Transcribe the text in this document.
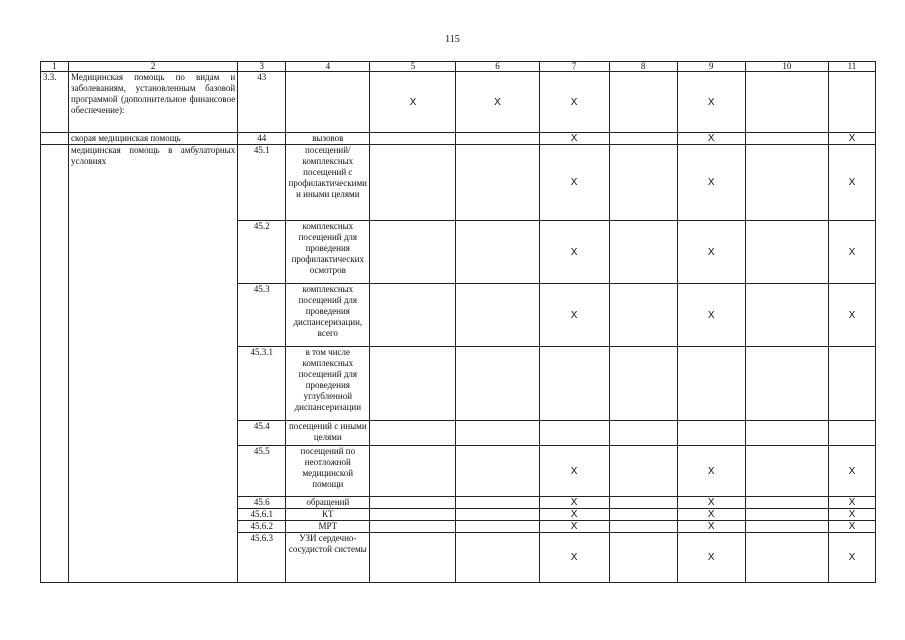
115
1	2	3	4	5	6	7	8	9	10	11
3.3.	Медицинская помощь по видам и заболеваниям, установленным базовой программой (дополнительное финансовое обеспечение):	43		X	X	X		X		
	скорая медицинская помощь	44	вызовов			X		X		X
	медицинская помощь в амбулаторных условиях	45.1	посещений/комплексных посещений с профилактическими и иными целями			X		X		X
		45.2	комплексных посещений для проведения профилактических осмотров			X		X		X
		45.3	комплексных посещений для проведения диспансеризации, всего			X		X		X
		45.3.1	в том числе комплексных посещений для проведения углубленной диспансеризации							
		45.4	посещений с иными целями							
		45.5	посещений по неотложной медицинской помощи			X		X		X
		45.6	обращений			X		X		X
		45.6.1	КТ			X		X		X
		45.6.2	МРТ			X		X		X
		45.6.3	УЗИ сердечно-сосудистой системы			X		X		X
